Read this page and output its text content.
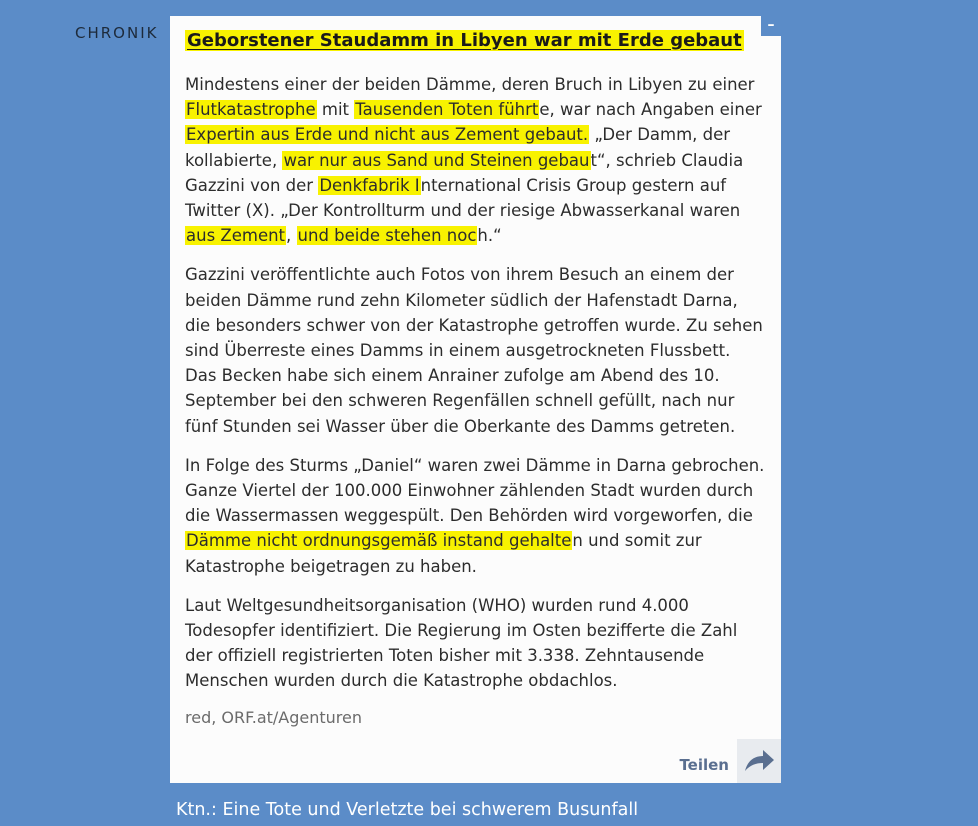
CHRONIK	–
Geborstener Staudamm in Libyen war mit Erde gebaut

Mindestens einer der beiden Dämme, deren Bruch in Libyen zu einer Flutkatastrophe mit Tausenden Toten führte, war nach Angaben einer Expertin aus Erde und nicht aus Zement gebaut. „Der Damm, der kollabierte, war nur aus Sand und Steinen gebaut“, schrieb Claudia Gazzini von der Denkfabrik International Crisis Group gestern auf Twitter (X). „Der Kontrollturm und der riesige Abwasserkanal waren aus Zement, und beide stehen noch.“

Gazzini veröffentlichte auch Fotos von ihrem Besuch an einem der beiden Dämme rund zehn Kilometer südlich der Hafenstadt Darna, die besonders schwer von der Katastrophe getroffen wurde. Zu sehen sind Überreste eines Damms in einem ausgetrockneten Flussbett. Das Becken habe sich einem Anrainer zufolge am Abend des 10. September bei den schweren Regenfällen schnell gefüllt, nach nur fünf Stunden sei Wasser über die Oberkante des Damms getreten.

In Folge des Sturms „Daniel“ waren zwei Dämme in Darna gebrochen. Ganze Viertel der 100.000 Einwohner zählenden Stadt wurden durch die Wassermassen weggespült. Den Behörden wird vorgeworfen, die Dämme nicht ordnungsgemäß instand gehalten und somit zur Katastrophe beigetragen zu haben.

Laut Weltgesundheitsorganisation (WHO) wurden rund 4.000 Todesopfer identifiziert. Die Regierung im Osten bezifferte die Zahl der offiziell registrierten Toten bisher mit 3.338. Zehntausende Menschen wurden durch die Katastrophe obdachlos.

red, ORF.at/Agenturen
Teilen
Ktn.: Eine Tote und Verletzte bei schwerem Busunfall
